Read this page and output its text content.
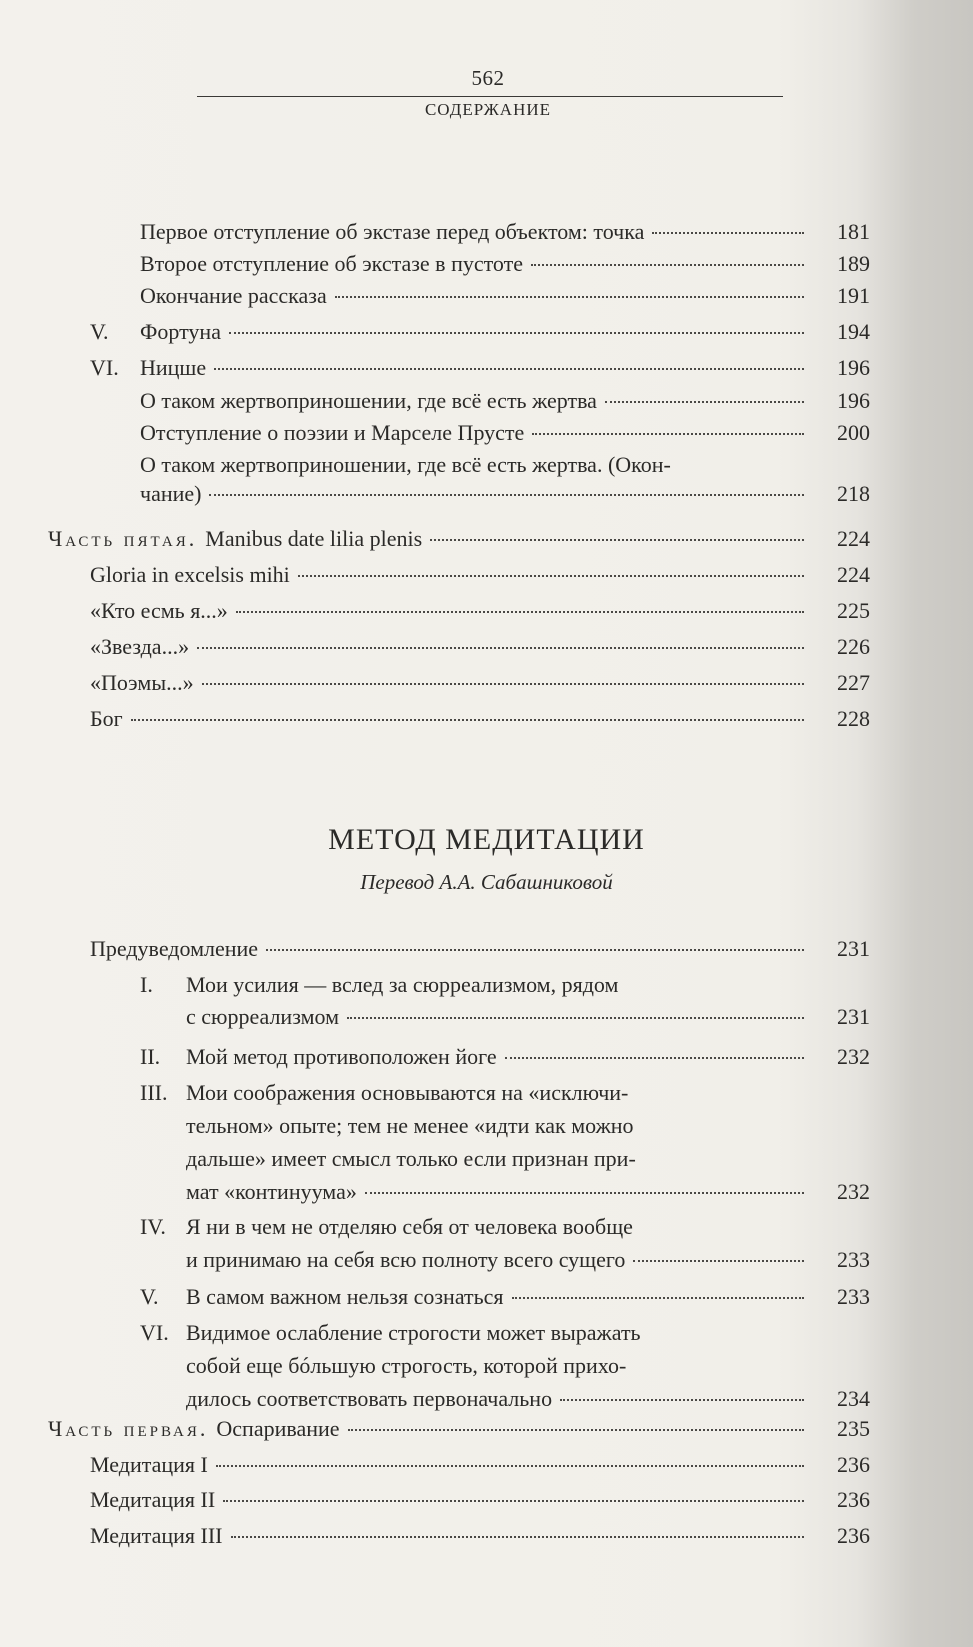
562
СОДЕРЖАНИЕ
Первое отступление об экстазе перед объектом: точка	181
Второе отступление об экстазе в пустоте	189
Окончание рассказа	191
V.	Фортуна	194
VI. Ницше	196
О таком жертвоприношении, где всё есть жертва	196
Отступление о поэзии и Марселе Прусте	200
О таком жертвоприношении, где всё есть жертва. (Окон-
чание)	218
Часть пятая. Manibus date lilia plenis	224
Gloria in excelsis mihi	224
«Кто есмь я...»	225
«Звезда...»	226
«Поэмы...»	227
Бог	228
МЕТОД МЕДИТАЦИИ
Перевод А.А. Сабашниковой
Предуведомление	231
I.	Мои усилия — вслед за сюрреализмом, рядом
с сюрреализмом	231
II.	Мой метод противоположен йоге	232
III. Мои соображения основываются на «исключи-
тельном» опыте; тем не менее «идти как можно
дальше» имеет смысл только если признан при-
мат «континуума»	232
IV. Я ни в чем не отделяю себя от человека вообще
и принимаю на себя всю полноту всего сущего	233
V.	В самом важном нельзя сознаться	233
VI. Видимое ослабление строгости может выражать
собой еще бóльшую строгость, которой прихо-
дилось соответствовать первоначально	234
Часть первая. Оспаривание	235
Медитация I	236
Медитация II	236
Медитация III	236
